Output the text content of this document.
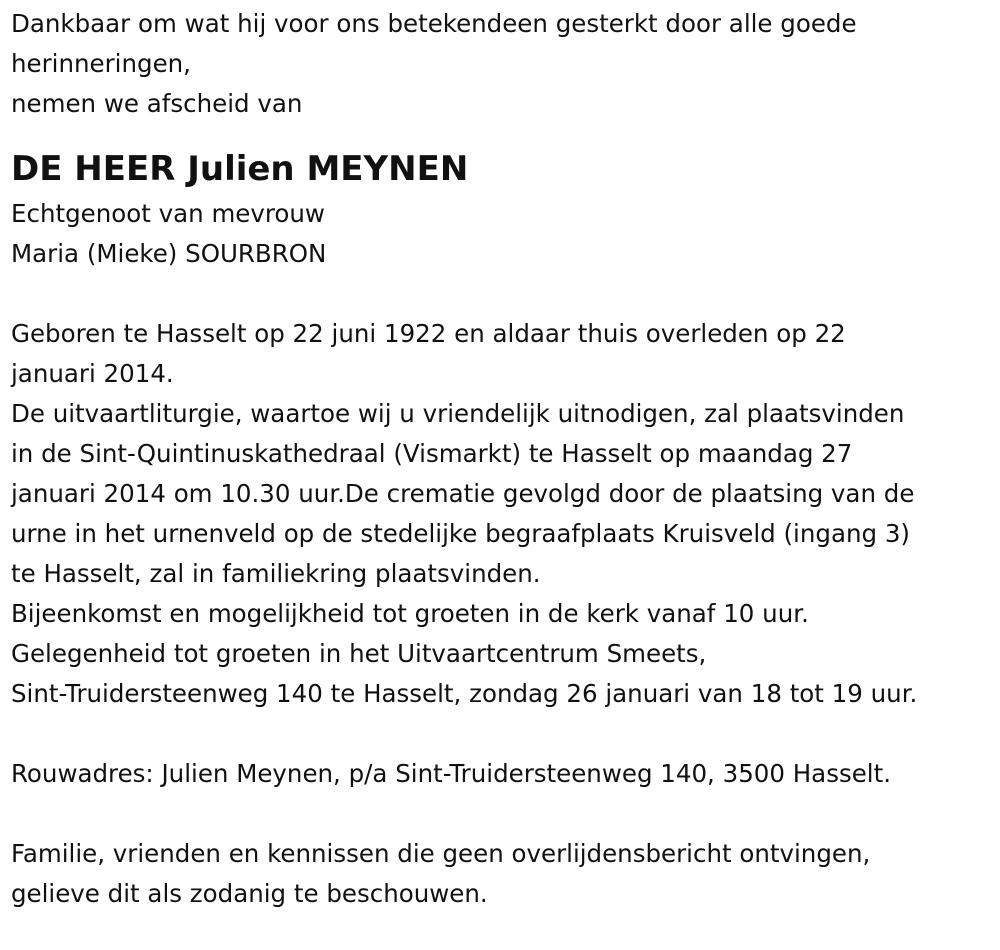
Dankbaar om wat hij voor ons betekendeen gesterkt door alle goede
herinneringen,
nemen we afscheid van
DE HEER Julien MEYNEN
Echtgenoot van mevrouw
Maria (Mieke) SOURBRON
Geboren te Hasselt op 22 juni 1922 en aldaar thuis overleden op 22
januari 2014.
De uitvaartliturgie, waartoe wij u vriendelijk uitnodigen, zal plaatsvinden
in de Sint-Quintinuskathedraal (Vismarkt) te Hasselt op maandag 27
januari 2014 om 10.30 uur.De crematie gevolgd door de plaatsing van de
urne in het urnenveld op de stedelijke begraafplaats Kruisveld (ingang 3)
te Hasselt, zal in familiekring plaatsvinden.
Bijeenkomst en mogelijkheid tot groeten in de kerk vanaf 10 uur.
Gelegenheid tot groeten in het Uitvaartcentrum Smeets,
Sint-Truidersteenweg 140 te Hasselt, zondag 26 januari van 18 tot 19 uur.
Rouwadres: Julien Meynen, p/a Sint-Truidersteenweg 140, 3500 Hasselt.
Familie, vrienden en kennissen die geen overlijdensbericht ontvingen,
gelieve dit als zodanig te beschouwen.
